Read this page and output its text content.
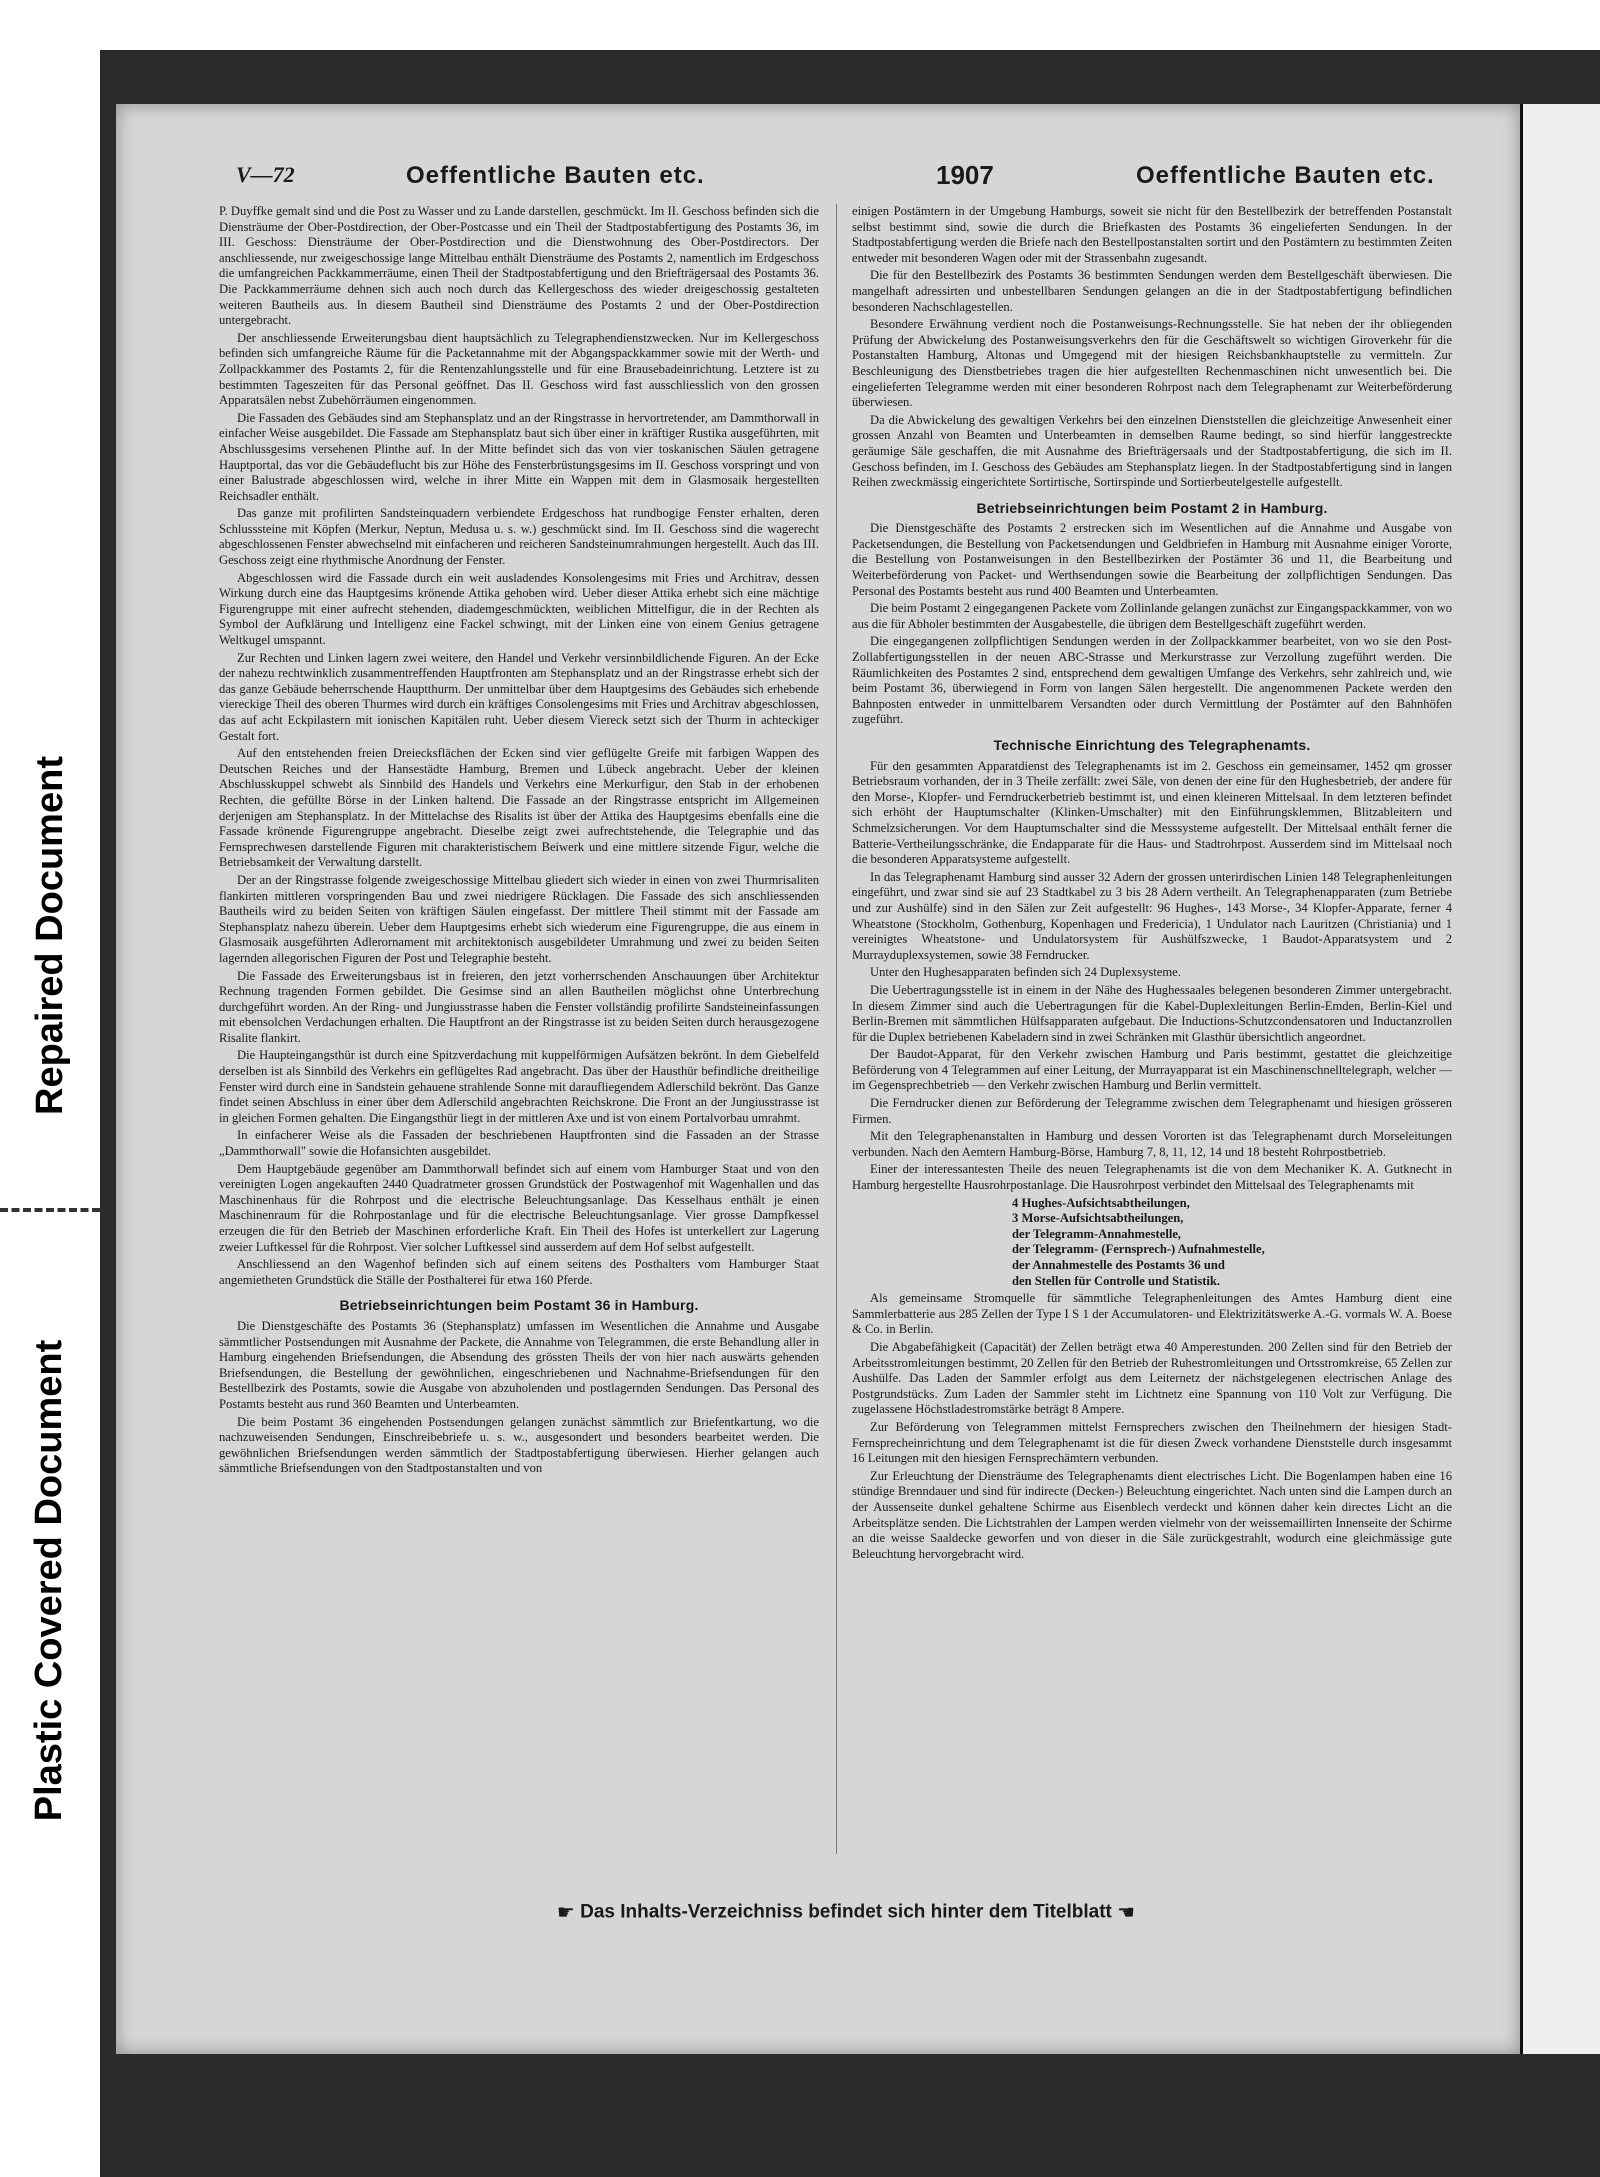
Repaired Document
Plastic Covered Document
V—72	Oeffentliche Bauten etc.	1907	Oeffentliche Bauten etc.

P. Duyffke gemalt sind und die Post zu Wasser und zu Lande darstellen, geschmückt. Im II. Geschoss befinden sich die Diensträume der Ober-Postdirection, der Ober-Postcasse und ein Theil der Stadtpostabfertigung des Postamts 36, im III. Geschoss: Diensträume der Ober-Postdirection und die Dienstwohnung des Ober-Postdirectors. Der anschliessende, nur zweigeschossige lange Mittelbau enthält Diensträume des Postamts 2, namentlich im Erdgeschoss die umfangreichen Packkammerräume, einen Theil der Stadtpostabfertigung und den Briefträgersaal des Postamts 36. Die Packkammerräume dehnen sich auch noch durch das Kellergeschoss des wieder dreigeschossig gestalteten weiteren Bautheils aus. In diesem Bautheil sind Diensträume des Postamts 2 und der Ober-Postdirection untergebracht.

Der anschliessende Erweiterungsbau dient hauptsächlich zu Telegraphendienstzwecken. Nur im Kellergeschoss befinden sich umfangreiche Räume für die Packetannahme mit der Abgangspackkammer sowie mit der Werth- und Zollpackkammer des Postamts 2, für die Rentenzahlungsstelle und für eine Brausebadeinrichtung. Letztere ist zu bestimmten Tageszeiten für das Personal geöffnet. Das II. Geschoss wird fast ausschliesslich von den grossen Apparatsälen nebst Zubehörräumen eingenommen.

Die Fassaden des Gebäudes sind am Stephansplatz und an der Ringstrasse in hervortretender, am Dammthorwall in einfacher Weise ausgebildet. Die Fassade am Stephansplatz baut sich über einer in kräftiger Rustika ausgeführten, mit Abschlussgesims versehenen Plinthe auf. In der Mitte befindet sich das von vier toskanischen Säulen getragene Hauptportal, das vor die Gebäudeflucht bis zur Höhe des Fensterbrüstungsgesims im II. Geschoss vorspringt und von einer Balustrade abgeschlossen wird, welche in ihrer Mitte ein Wappen mit dem in Glasmosaik hergestellten Reichsadler enthält.

Das ganze mit profilirten Sandsteinquadern verbiendete Erdgeschoss hat rundbogige Fenster erhalten, deren Schlusssteine mit Köpfen (Merkur, Neptun, Medusa u. s. w.) geschmückt sind. Im II. Geschoss sind die wagerecht abgeschlossenen Fenster abwechselnd mit einfacheren und reicheren Sandsteinumrahmungen hergestellt. Auch das III. Geschoss zeigt eine rhythmische Anordnung der Fenster.

Abgeschlossen wird die Fassade durch ein weit ausladendes Konsolengesims mit Fries und Architrav, dessen Wirkung durch eine das Hauptgesims krönende Attika gehoben wird. Ueber dieser Attika erhebt sich eine mächtige Figurengruppe mit einer aufrecht stehenden, diademgeschmückten, weiblichen Mittelfigur, die in der Rechten als Symbol der Aufklärung und Intelligenz eine Fackel schwingt, mit der Linken eine von einem Genius getragene Weltkugel umspannt.

Zur Rechten und Linken lagern zwei weitere, den Handel und Verkehr versinnbildlichende Figuren. An der Ecke der nahezu rechtwinklich zusammentreffenden Hauptfronten am Stephansplatz und an der Ringstrasse erhebt sich der das ganze Gebäude beherrschende Hauptthurm. Der unmittelbar über dem Hauptgesims des Gebäudes sich erhebende viereckige Theil des oberen Thurmes wird durch ein kräftiges Consolengesims mit Fries und Architrav abgeschlossen, das auf acht Eckpilastern mit ionischen Kapitälen ruht. Ueber diesem Viereck setzt sich der Thurm in achteckiger Gestalt fort.

Auf den entstehenden freien Dreiecksflächen der Ecken sind vier geflügelte Greife mit farbigen Wappen des Deutschen Reiches und der Hansestädte Hamburg, Bremen und Lübeck angebracht. Ueber der kleinen Abschlusskuppel schwebt als Sinnbild des Handels und Verkehrs eine Merkurfigur, den Stab in der erhobenen Rechten, die gefüllte Börse in der Linken haltend. Die Fassade an der Ringstrasse entspricht im Allgemeinen derjenigen am Stephansplatz. In der Mittelachse des Risalits ist über der Attika des Hauptgesims ebenfalls eine die Fassade krönende Figurengruppe angebracht. Dieselbe zeigt zwei aufrechtstehende, die Telegraphie und das Fernsprechwesen darstellende Figuren mit charakteristischem Beiwerk und eine mittlere sitzende Figur, welche die Betriebsamkeit der Verwaltung darstellt.

Der an der Ringstrasse folgende zweigeschossige Mittelbau gliedert sich wieder in einen von zwei Thurmrisaliten flankirten mittleren vorspringenden Bau und zwei niedrigere Rücklagen. Die Fassade des sich anschliessenden Bautheils wird zu beiden Seiten von kräftigen Säulen eingefasst. Der mittlere Theil stimmt mit der Fassade am Stephansplatz nahezu überein. Ueber dem Hauptgesims erhebt sich wiederum eine Figurengruppe, die aus einem in Glasmosaik ausgeführten Adlerornament mit architektonisch ausgebildeter Umrahmung und zwei zu beiden Seiten lagernden allegorischen Figuren der Post und Telegraphie besteht.

Die Fassade des Erweiterungsbaus ist in freieren, den jetzt vorherrschenden Anschauungen über Architektur Rechnung tragenden Formen gebildet. Die Gesimse sind an allen Bautheilen möglichst ohne Unterbrechung durchgeführt worden. An der Ring- und Jungiusstrasse haben die Fenster vollständig profilirte Sandsteineinfassungen mit ebensolchen Verdachungen erhalten. Die Hauptfront an der Ringstrasse ist zu beiden Seiten durch herausgezogene Risalite flankirt.

Die Haupteingangsthür ist durch eine Spitzverdachung mit kuppelförmigen Aufsätzen bekrönt. In dem Giebelfeld derselben ist als Sinnbild des Verkehrs ein geflügeltes Rad angebracht. Das über der Hausthür befindliche dreitheilige Fenster wird durch eine in Sandstein gehauene strahlende Sonne mit daraufliegendem Adlerschild bekrönt. Das Ganze findet seinen Abschluss in einer über dem Adlerschild angebrachten Reichskrone. Die Front an der Jungiusstrasse ist in gleichen Formen gehalten. Die Eingangsthür liegt in der mittleren Axe und ist von einem Portalvorbau umrahmt.

In einfacherer Weise als die Fassaden der beschriebenen Hauptfronten sind die Fassaden an der Strasse „Dammthorwall" sowie die Hofansichten ausgebildet.

Dem Hauptgebäude gegenüber am Dammthorwall befindet sich auf einem vom Hamburger Staat und von den vereinigten Logen angekauften 2440 Quadratmeter grossen Grundstück der Postwagenhof mit Wagenhallen und das Maschinenhaus für die Rohrpost und die electrische Beleuchtungsanlage. Das Kesselhaus enthält je einen Maschinenraum für die Rohrpostanlage und für die electrische Beleuchtungsanlage. Vier grosse Dampfkessel erzeugen die für den Betrieb der Maschinen erforderliche Kraft. Ein Theil des Hofes ist unterkellert zur Lagerung zweier Luftkessel für die Rohrpost. Vier solcher Luftkessel sind ausserdem auf dem Hof selbst aufgestellt.

Anschliessend an den Wagenhof befinden sich auf einem seitens des Posthalters vom Hamburger Staat angemietheten Grundstück die Ställe der Posthalterei für etwa 160 Pferde.

Betriebseinrichtungen beim Postamt 36 in Hamburg.

Die Dienstgeschäfte des Postamts 36 (Stephansplatz) umfassen im Wesentlichen die Annahme und Ausgabe sämmtlicher Postsendungen mit Ausnahme der Packete, die Annahme von Telegrammen, die erste Behandlung aller in Hamburg eingehenden Briefsendungen, die Absendung des grössten Theils der von hier nach auswärts gehenden Briefsendungen, die Bestellung der gewöhnlichen, eingeschriebenen und Nachnahme-Briefsendungen für den Bestellbezirk des Postamts, sowie die Ausgabe von abzuholenden und postlagernden Sendungen. Das Personal des Postamts besteht aus rund 360 Beamten und Unterbeamten.

Die beim Postamt 36 eingehenden Postsendungen gelangen zunächst sämmtlich zur Briefentkartung, wo die nachzuweisenden Sendungen, Einschreibebriefe u. s. w., ausgesondert und besonders bearbeitet werden. Die gewöhnlichen Briefsendungen werden sämmtlich der Stadtpostabfertigung überwiesen. Hierher gelangen auch sämmtliche Briefsendungen von den Stadtpostanstalten und von

einigen Postämtern in der Umgebung Hamburgs, soweit sie nicht für den Bestellbezirk der betreffenden Postanstalt selbst bestimmt sind, sowie die durch die Briefkasten des Postamts 36 eingelieferten Sendungen. In der Stadtpostabfertigung werden die Briefe nach den Bestellpostanstalten sortirt und den Postämtern zu bestimmten Zeiten entweder mit besonderen Wagen oder mit der Strassenbahn zugesandt.

Die für den Bestellbezirk des Postamts 36 bestimmten Sendungen werden dem Bestellgeschäft überwiesen. Die mangelhaft adressirten und unbestellbaren Sendungen gelangen an die in der Stadtpostabfertigung befindlichen besonderen Nachschlagestellen.

Besondere Erwähnung verdient noch die Postanweisungs-Rechnungsstelle. Sie hat neben der ihr obliegenden Prüfung der Abwickelung des Postanweisungsverkehrs den für die Geschäftswelt so wichtigen Giroverkehr für die Postanstalten Hamburg, Altonas und Umgegend mit der hiesigen Reichsbankhauptstelle zu vermitteln. Zur Beschleunigung des Dienstbetriebes tragen die hier aufgestellten Rechenmaschinen nicht unwesentlich bei. Die eingelieferten Telegramme werden mit einer besonderen Rohrpost nach dem Telegraphenamt zur Weiterbeförderung überwiesen.

Da die Abwickelung des gewaltigen Verkehrs bei den einzelnen Dienststellen die gleichzeitige Anwesenheit einer grossen Anzahl von Beamten und Unterbeamten in demselben Raume bedingt, so sind hierfür langgestreckte geräumige Säle geschaffen, die mit Ausnahme des Briefträgersaals und der Stadtpostabfertigung, die sich im II. Geschoss befinden, im I. Geschoss des Gebäudes am Stephansplatz liegen. In der Stadtpostabfertigung sind in langen Reihen zweckmässig eingerichtete Sortirtische, Sortirspinde und Sortierbeutelgestelle aufgestellt.

Betriebseinrichtungen beim Postamt 2 in Hamburg.

Die Dienstgeschäfte des Postamts 2 erstrecken sich im Wesentlichen auf die Annahme und Ausgabe von Packetsendungen, die Bestellung von Packetsendungen und Geldbriefen in Hamburg mit Ausnahme einiger Vororte, die Bestellung von Postanweisungen in den Bestellbezirken der Postämter 36 und 11, die Bearbeitung und Weiterbeförderung von Packet- und Werthsendungen sowie die Bearbeitung der zollpflichtigen Sendungen. Das Personal des Postamts besteht aus rund 400 Beamten und Unterbeamten.

Die beim Postamt 2 eingegangenen Packete vom Zollinlande gelangen zunächst zur Eingangspackkammer, von wo aus die für Abholer bestimmten der Ausgabestelle, die übrigen dem Bestellgeschäft zugeführt werden.

Die eingegangenen zollpflichtigen Sendungen werden in der Zollpackkammer bearbeitet, von wo sie den Post-Zollabfertigungsstellen in der neuen ABC-Strasse und Merkurstrasse zur Verzollung zugeführt werden. Die Räumlichkeiten des Postamtes 2 sind, entsprechend dem gewaltigen Umfange des Verkehrs, sehr zahlreich und, wie beim Postamt 36, überwiegend in Form von langen Sälen hergestellt. Die angenommenen Packete werden den Bahnposten entweder in unmittelbarem Versandten oder durch Vermittlung der Postämter auf den Bahnhöfen zugeführt.

Technische Einrichtung des Telegraphenamts.

Für den gesammten Apparatdienst des Telegraphenamts ist im 2. Geschoss ein gemeinsamer, 1452 qm grosser Betriebsraum vorhanden, der in 3 Theile zerfällt: zwei Säle, von denen der eine für den Hughesbetrieb, der andere für den Morse-, Klopfer- und Ferndruckerbetrieb bestimmt ist, und einen kleineren Mittelsaal. In dem letzteren befindet sich erhöht der Hauptumschalter (Klinken-Umschalter) mit den Einführungsklemmen, Blitzableitern und Schmelzsicherungen. Vor dem Hauptumschalter sind die Messsysteme aufgestellt. Der Mittelsaal enthält ferner die Batterie-Vertheilungsschränke, die Endapparate für die Haus- und Stadtrohrpost. Ausserdem sind im Mittelsaal noch die besonderen Apparatsysteme aufgestellt.

In das Telegraphenamt Hamburg sind ausser 32 Adern der grossen unterirdischen Linien 148 Telegraphenleitungen eingeführt, und zwar sind sie auf 23 Stadtkabel zu 3 bis 28 Adern vertheilt. An Telegraphenapparaten (zum Betriebe und zur Aushülfe) sind in den Sälen zur Zeit aufgestellt: 96 Hughes-, 143 Morse-, 34 Klopfer-Apparate, ferner 4 Wheatstone (Stockholm, Gothenburg, Kopenhagen und Fredericia), 1 Undulator nach Lauritzen (Christiania) und 1 vereinigtes Wheatstone- und Undulatorsystem für Aushülfszwecke, 1 Baudot-Apparatsystem und 2 Murrayduplexsystemen, sowie 38 Ferndrucker.

Unter den Hughesapparaten befinden sich 24 Duplexsysteme.

Die Uebertragungsstelle ist in einem in der Nähe des Hughessaales belegenen besonderen Zimmer untergebracht. In diesem Zimmer sind auch die Uebertragungen für die Kabel-Duplexleitungen Berlin-Emden, Berlin-Kiel und Berlin-Bremen mit sämmtlichen Hülfsapparaten aufgebaut. Die Inductions-Schutzcondensatoren und Inductanzrollen für die Duplex betriebenen Kabeladern sind in zwei Schränken mit Glasthür übersichtlich angeordnet.

Der Baudot-Apparat, für den Verkehr zwischen Hamburg und Paris bestimmt, gestattet die gleichzeitige Beförderung von 4 Telegrammen auf einer Leitung, der Murrayapparat ist ein Maschinenschnelltelegraph, welcher — im Gegensprechbetrieb — den Verkehr zwischen Hamburg und Berlin vermittelt.

Die Ferndrucker dienen zur Beförderung der Telegramme zwischen dem Telegraphenamt und hiesigen grösseren Firmen.

Mit den Telegraphenanstalten in Hamburg und dessen Vororten ist das Telegraphenamt durch Morseleitungen verbunden. Nach den Aemtern Hamburg-Börse, Hamburg 7, 8, 11, 12, 14 und 18 besteht Rohrpostbetrieb.

Einer der interessantesten Theile des neuen Telegraphenamts ist die von dem Mechaniker K. A. Gutknecht in Hamburg hergestellte Hausrohrpostanlage. Die Hausrohrpost verbindet den Mittelsaal des Telegraphenamts mit

4 Hughes-Aufsichtsabtheilungen,
3 Morse-Aufsichtsabtheilungen,
der Telegramm-Annahmestelle,
der Telegramm- (Fernsprech-) Aufnahmestelle,
der Annahmestelle des Postamts 36 und
den Stellen für Controlle und Statistik.

Als gemeinsame Stromquelle für sämmtliche Telegraphenleitungen des Amtes Hamburg dient eine Sammlerbatterie aus 285 Zellen der Type I S 1 der Accumulatoren- und Elektrizitätswerke A.-G. vormals W. A. Boese & Co. in Berlin.

Die Abgabefähigkeit (Capacität) der Zellen beträgt etwa 40 Amperestunden. 200 Zellen sind für den Betrieb der Arbeitsstromleitungen bestimmt, 20 Zellen für den Betrieb der Ruhestromleitungen und Ortsstromkreise, 65 Zellen zur Aushülfe. Das Laden der Sammler erfolgt aus dem Leiternetz der nächstgelegenen electrischen Anlage des Postgrundstücks. Zum Laden der Sammler steht im Lichtnetz eine Spannung von 110 Volt zur Verfügung. Die zugelassene Höchstladestromstärke beträgt 8 Ampere.

Zur Beförderung von Telegrammen mittelst Fernsprechers zwischen den Theilnehmern der hiesigen Stadt-Fernsprecheinrichtung und dem Telegraphenamt ist die für diesen Zweck vorhandene Dienststelle durch insgesammt 16 Leitungen mit den hiesigen Fernsprechämtern verbunden.

Zur Erleuchtung der Diensträume des Telegraphenamts dient electrisches Licht. Die Bogenlampen haben eine 16 stündige Brenndauer und sind für indirecte (Decken-) Beleuchtung eingerichtet. Nach unten sind die Lampen durch an der Aussenseite dunkel gehaltene Schirme aus Eisenblech verdeckt und können daher kein directes Licht an die Arbeitsplätze senden. Die Lichtstrahlen der Lampen werden vielmehr von der weissemaillirten Innenseite der Schirme an die weisse Saaldecke geworfen und von dieser in die Säle zurückgestrahlt, wodurch eine gleichmässige gute Beleuchtung hervorgebracht wird.

☛ Das Inhalts-Verzeichniss befindet sich hinter dem Titelblatt ☚
